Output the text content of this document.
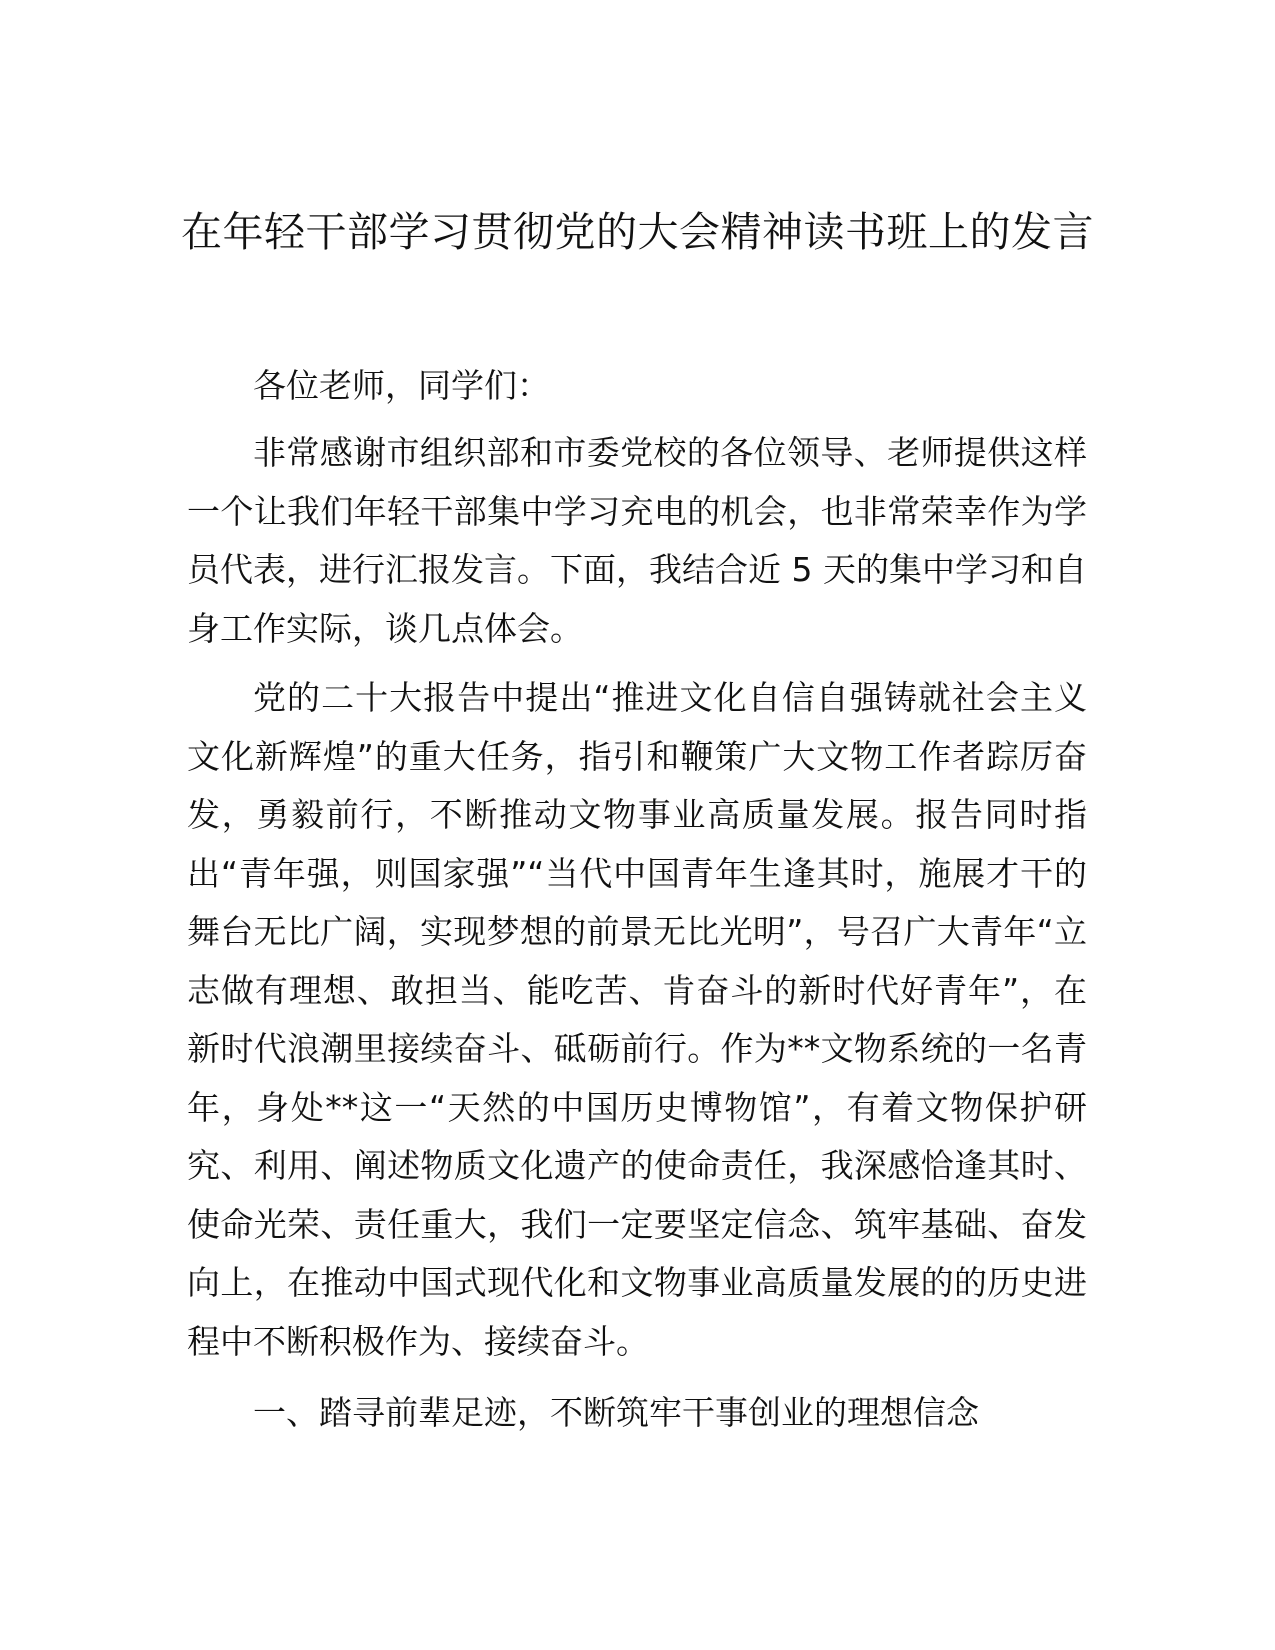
在年轻干部学习贯彻党的大会精神读书班上的发言

各位老师，同学们：

非常感谢市组织部和市委党校的各位领导、老师提供这样一个让我们年轻干部集中学习充电的机会，也非常荣幸作为学员代表，进行汇报发言。下面，我结合近 5 天的集中学习和自身工作实际，谈几点体会。

党的二十大报告中提出“推进文化自信自强铸就社会主义文化新辉煌”的重大任务，指引和鞭策广大文物工作者踪厉奋发，勇毅前行，不断推动文物事业高质量发展。报告同时指出“青年强，则国家强”“当代中国青年生逢其时，施展才干的舞台无比广阔，实现梦想的前景无比光明”，号召广大青年“立志做有理想、敢担当、能吃苦、肯奋斗的新时代好青年”，在新时代浪潮里接续奋斗、砥砺前行。作为**文物系统的一名青年，身处**这一“天然的中国历史博物馆”，有着文物保护研究、利用、阐述物质文化遗产的使命责任，我深感恰逢其时、使命光荣、责任重大，我们一定要坚定信念、筑牢基础、奋发向上，在推动中国式现代化和文物事业高质量发展的的历史进程中不断积极作为、接续奋斗。

一、踏寻前辈足迹，不断筑牢干事创业的理想信念
